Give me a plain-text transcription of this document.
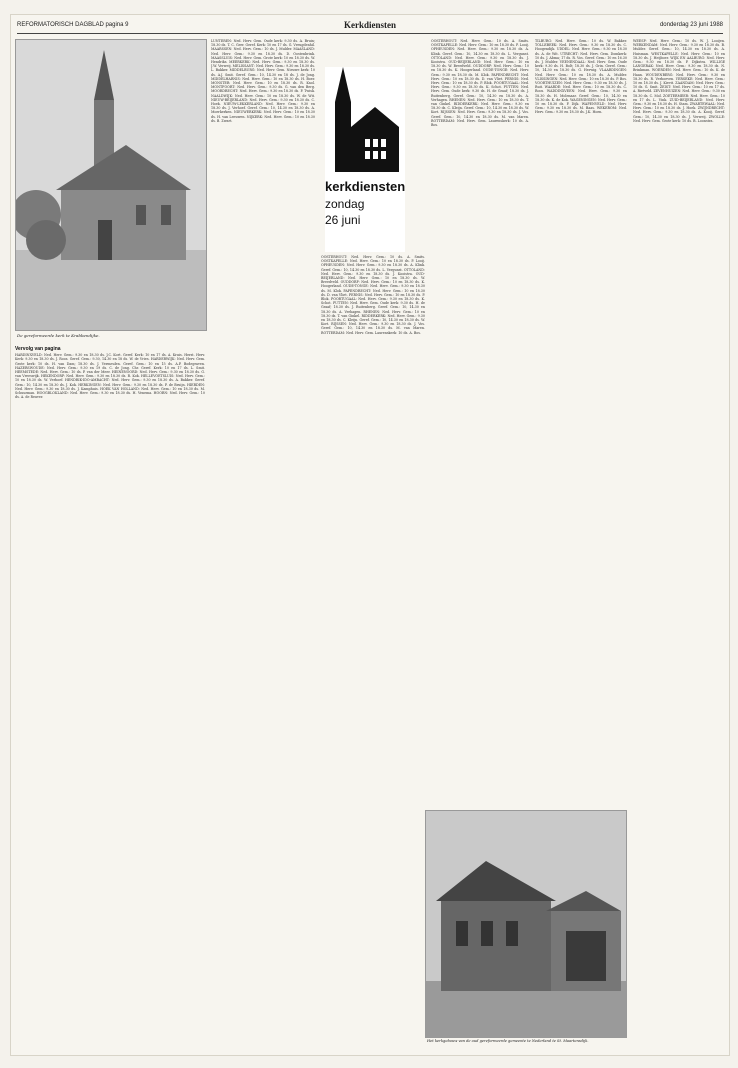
REFORMATORISCH DAGBLAD pagina 9	Kerkdiensten	donderdag 23 juni 1988
De gereformeerde kerk te Krabbendijke.
Vervolg van pagina

HARDINXVELD: Ned. Herv. Gem.: 9.30 en 18.30 ds. J.C. Kort. Geref. Kerk: 10 en 17 ds. A. Kruis. Herst. Herv. Kerk: 9.30 en 18.30 ds. J. Roos. Geref. Gem.: 9.30, 14.30 en 18 ds. W. de Vries. HARDERWIJK: Ned. Herv. Gem. Grote kerk: 10 ds. H. van Dam; 18.30 ds. J. Vermeulen. Geref. Gem.: 10 en 15 ds. A.P. Bodegraven. HAZERSWOUDE: Ned. Herv. Gem.: 9.30 en 19 ds. C. de Jong. Chr. Geref. Kerk: 10 en 17 ds. L. Smit. HEEMSTEDE: Ned. Herv. Gem.: 10 ds. P. van der Meer. HEINENOORD: Ned. Herv. Gem.: 9.30 en 18.30 ds. G. van Vreeswijk. HEKENDORP: Ned. Herv. Gem.: 9.30 en 18.30 ds. R. Kok. HELLEVOETSLUIS: Ned. Herv. Gem.: 10 en 18.30 ds. W. Verhoef. HENDRIK-IDO-AMBACHT: Ned. Herv. Gem.: 9.30 en 18.30 ds. A. Bakker. Geref. Gem.: 10, 14.30 en 18.30 ds. J. Kok. HERKINGEN: Ned. Herv. Gem.: 9.30 en 18.30 ds. P. de Bruijn. HIERDEN: Ned. Herv. Gem.: 9.30 en 18.30 ds. J. Kamphuis. HOEK VAN HOLLAND: Ned. Herv. Gem.: 10 en 18.30 ds. M. Schuurman. HOOGBLOKLAND: Ned. Herv. Gem.: 9.30 en 18.30 ds. H. Venema. HOORN: Ned. Herv. Gem.: 10 ds. A. de Reuver.

LUNTEREN: Ned. Herv. Gem. Oude kerk: 9.30 ds. A. Bruin; 18.30 ds. T. C. Gerr. Geref. Kerk: 10 en 17 ds. G. Vreugdenhil. MAARSSEN: Ned. Herv. Gem.: 10 ds. J. Mulder. MAASLAND: Ned. Herv. Gem.: 9.30 en 18.30 ds. D. Oostenbrink. MAASSLUIS: Ned. Herv. Gem. Grote kerk: 10 en 18.30 ds. W. Hendriks. MEERKERK: Ned. Herv. Gem.: 9.30 en 18.30 ds. J.W. Verweij. MELISSANT: Ned. Herv. Gem.: 9.30 en 18.30 ds. L. Bakker. MIDDELBURG: Ned. Herv. Gem. Nieuwe kerk: 10 ds. A.J. Smit. Geref. Gem.: 10, 14.30 en 18 ds. J. de Jong. MIDDELHARNIS: Ned. Herv. Gem.: 10 en 18.30 ds. H. Boer. MONSTER: Ned. Herv. Gem.: 10 en 18.30 ds. R. Knol. MONTFOORT: Ned. Herv. Gem.: 9.30 ds. G. van den Berg. MOORDRECHT: Ned. Herv. Gem.: 9.30 en 18.30 ds. P. Twisk. NAALDWIJK: Ned. Herv. Gem.: 10 en 18.30 ds. W. de Wit. NIEUW-BEIJERLAND: Ned. Herv. Gem.: 9.30 en 18.30 ds. C. Hoek. NIEUW-LEKKERLAND: Ned. Herv. Gem.: 9.30 en 18.30 ds. J. Verhoef. Geref. Gem.: 10, 14.30 en 18.30 ds. A. Moerkerken. NIEUWERKERK: Ned. Herv. Gem.: 10 en 18.30 ds. H. van Leeuwen. NIJKERK: Ned. Herv. Gem.: 10 en 18.30 ds. B. Zwart.

kerkdiensten
zondag
26 juni

OOSTERHOUT: Ned. Herv. Gem.: 10 ds. A. Smits. OOSTKAPELLE: Ned. Herv. Gem.: 10 en 18.30 ds. P. Looij. OPHEUSDEN: Ned. Herv. Gem.: 9.30 en 18.30 ds. A. Klink. Geref. Gem.: 10, 14.30 en 18.30 ds. L. Vergunst. OTTOLAND: Ned. Herv. Gem.: 9.30 en 18.30 ds. J. Kooistra. OUD-BEIJERLAND: Ned. Herv. Gem.: 10 en 18.30 ds. W. Breedveld. OUDDORP: Ned. Herv. Gem.: 10 en 18.30 ds. K. Hoogerland. OUDE-TONGE: Ned. Herv. Gem.: 9.30 en 18.30 ds. M. Klok. PAPENDRECHT: Ned. Herv. Gem.: 10 en 18.30 ds. D. van Vliet. PERNIS: Ned. Herv. Gem.: 10 en 18.30 ds. P. Blok. POORTUGAAL: Ned. Herv. Gem.: 9.30 en 18.30 ds. K. Schot. PUTTEN: Ned. Herv. Gem. Oude kerk: 9.30 ds. H. de Graaf; 18.30 ds. J. Ruitenberg. Geref. Gem.: 10, 14.30 en 18.30 ds. A. Verhagen. RHENEN: Ned. Herv. Gem.: 10 en 18.30 ds. T. van Ginkel. RIDDERKERK: Ned. Herv. Gem.: 9.30 en 18.30 ds. C. Kleijn. Geref. Gem.: 10, 14.30 en 18.30 ds. W. Kort. RIJSSEN: Ned. Herv. Gem.: 9.30 en 18.30 ds. J. Vos. Geref. Gem.: 10, 14.30 en 18.30 ds. M. van Maren. ROTTERDAM: Ned. Herv. Gem. Laurenskerk: 10 ds. A. Bos.

OOSTERHOUT: Ned. Herv. Gem.: 10 ds. A. Smits. OOSTKAPELLE: Ned. Herv. Gem.: 10 en 18.30 ds. P. Looij. OPHEUSDEN: Ned. Herv. Gem.: 9.30 en 18.30 ds. A. Klink. Geref. Gem.: 10, 14.30 en 18.30 ds. L. Vergunst. OTTOLAND: Ned. Herv. Gem.: 9.30 en 18.30 ds. J. Kooistra. OUD-BEIJERLAND: Ned. Herv. Gem.: 10 en 18.30 ds. W. Breedveld. OUDDORP: Ned. Herv. Gem.: 10 en 18.30 ds. K. Hoogerland. OUDE-TONGE: Ned. Herv. Gem.: 9.30 en 18.30 ds. M. Klok. PAPENDRECHT: Ned. Herv. Gem.: 10 en 18.30 ds. D. van Vliet. PERNIS: Ned. Herv. Gem.: 10 en 18.30 ds. P. Blok. POORTUGAAL: Ned. Herv. Gem.: 9.30 en 18.30 ds. K. Schot. PUTTEN: Ned. Herv. Gem. Oude kerk: 9.30 ds. H. de Graaf; 18.30 ds. J. Ruitenberg. Geref. Gem.: 10, 14.30 en 18.30 ds. A. Verhagen. RHENEN: Ned. Herv. Gem.: 10 en 18.30 ds. T. van Ginkel. RIDDERKERK: Ned. Herv. Gem.: 9.30 en 18.30 ds. C. Kleijn. Geref. Gem.: 10, 14.30 en 18.30 ds. W. Kort. RIJSSEN: Ned. Herv. Gem.: 9.30 en 18.30 ds. J. Vos. Geref. Gem.: 10, 14.30 en 18.30 ds. M. van Maren. ROTTERDAM: Ned. Herv. Gem. Laurenskerk: 10 ds. A. Bos.

TILBURG: Ned. Herv. Gem.: 10 ds. W. Bakker. TOLLEBEEK: Ned. Herv. Gem.: 9.30 en 18.30 ds. C. Hoogendijk. UDDEL: Ned. Herv. Gem.: 9.30 en 18.30 ds. A. de Wit. UTRECHT: Ned. Herv. Gem. Domkerk: 10 ds. J. Abma; 17 ds. R. Vos. Geref. Gem.: 10 en 16.30 ds. J. Mulder. VEENENDAAL: Ned. Herv. Gem. Oude kerk: 9.30 ds. H. Bolt; 18.30 ds. J. Grin. Geref. Gem.: 10, 14.30 en 18.30 ds. G. Herwig. VLAARDINGEN: Ned. Herv. Gem.: 10 en 18.30 ds. A. Mulder. VLISSINGEN: Ned. Herv. Gem.: 10 en 18.30 ds. P. Bos. VOORTHUIZEN: Ned. Herv. Gem.: 9.30 en 18.30 ds. J. Ruit. WAARDE: Ned. Herv. Gem.: 10 en 18.30 ds. C. Roos. WADDINXVEEN: Ned. Herv. Gem.: 9.30 en 18.30 ds. H. Molenaar. Geref. Gem.: 10, 14.30 en 18.30 ds. K. de Kok. WAGENINGEN: Ned. Herv. Gem.: 10 en 18.30 ds. F. Dijk. WAPENVELD: Ned. Herv. Gem.: 9.30 en 18.30 ds. M. Baas. WEKEROM: Ned. Herv. Gem.: 9.30 en 18.30 ds. J.K. Hoen.

WEESP: Ned. Herv. Gem.: 10 ds. W. J. Looijen. WERKENDAM: Ned. Herv. Gem.: 9.30 en 18.30 ds. B. Mulder. Geref. Gem.: 10, 14.30 en 18.30 ds. A. Huisman. WESTKAPELLE: Ned. Herv. Gem.: 10 en 18.30 ds. J. Heijboer. WIJK EN AALBURG: Ned. Herv. Gem.: 9.30 en 18.30 ds. P. Dijkstra. WILLIGE LANGERAK: Ned. Herv. Gem.: 9.30 en 18.30 ds. N. Brinkman. WOERDEN: Ned. Herv. Gem.: 10 ds. K. de Haan. WOUDENBERG: Ned. Herv. Gem.: 9.30 en 18.30 ds. R. Verhoeven. YERSEKE: Ned. Herv. Gem.: 10 en 18.30 ds. J. Kievit. ZAANDAM: Ned. Herv. Gem.: 10 ds. G. Smit. ZEIST: Ned. Herv. Gem.: 10 en 17 ds. A. Rietveld. ZEVENHUIZEN: Ned. Herv. Gem.: 9.30 en 18.30 ds. C. Mol. ZOETERMEER: Ned. Herv. Gem.: 10 en 17 ds. L. Vink. ZUID-BEIJERLAND: Ned. Herv. Gem.: 9.30 en 18.30 ds. H. Stam. ZWARTEWAAL: Ned. Herv. Gem.: 10 en 18.30 ds. J. Hoek. ZWIJNDRECHT: Ned. Herv. Gem.: 9.30 en 18.30 ds. A. Kooij. Geref. Gem.: 10, 14.30 en 18.30 ds. J. Verweij. ZWOLLE: Ned. Herv. Gem. Grote kerk: 10 ds. B. Loonstra.

Het kerkgebouw van de oud gereformeerde gemeente te Nederland te St. Maartensdijk.
